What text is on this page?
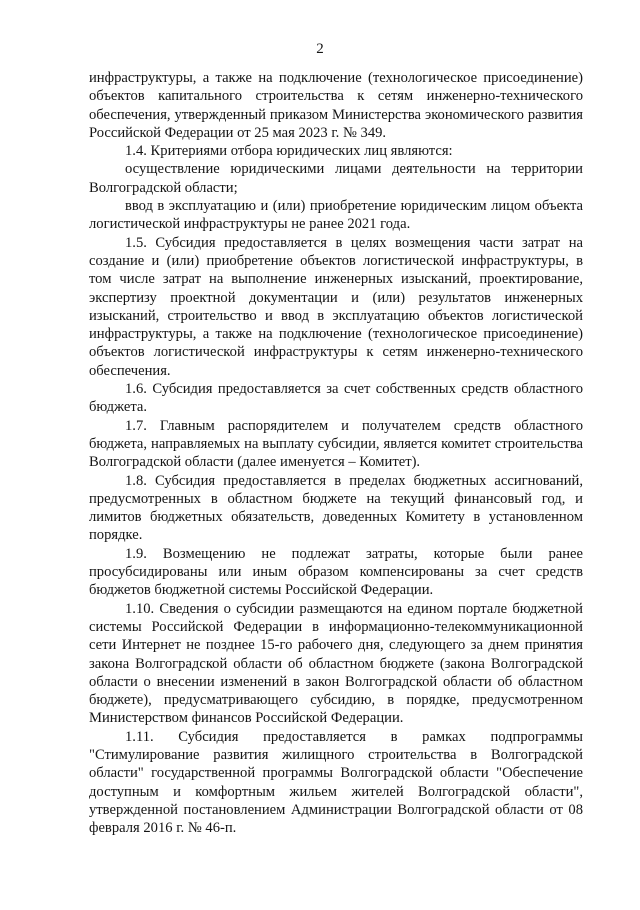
2

инфраструктуры, а также на подключение (технологическое присоединение) объектов капитального строительства к сетям инженерно-технического обеспечения, утвержденный приказом Министерства экономического развития Российской Федерации от 25 мая 2023 г. № 349.

1.4. Критериями отбора юридических лиц являются:

осуществление юридическими лицами деятельности на территории Волгоградской области;

ввод в эксплуатацию и (или) приобретение юридическим лицом объекта логистической инфраструктуры не ранее 2021 года.

1.5. Субсидия предоставляется в целях возмещения части затрат на создание и (или) приобретение объектов логистической инфраструктуры, в том числе затрат на выполнение инженерных изысканий, проектирование, экспертизу проектной документации и (или) результатов инженерных изысканий, строительство и ввод в эксплуатацию объектов логистической инфраструктуры, а также на подключение (технологическое присоединение) объектов логистической инфраструктуры к сетям инженерно-технического обеспечения.

1.6. Субсидия предоставляется за счет собственных средств областного бюджета.

1.7. Главным распорядителем и получателем средств областного бюджета, направляемых на выплату субсидии, является комитет строительства Волгоградской области (далее именуется – Комитет).

1.8. Субсидия предоставляется в пределах бюджетных ассигнований, предусмотренных в областном бюджете на текущий финансовый год, и лимитов бюджетных обязательств, доведенных Комитету в установленном порядке.

1.9. Возмещению не подлежат затраты, которые были ранее просубсидированы или иным образом компенсированы за счет средств бюджетов бюджетной системы Российской Федерации.

1.10. Сведения о субсидии размещаются на едином портале бюджетной системы Российской Федерации в информационно-телекоммуникационной сети Интернет не позднее 15-го рабочего дня, следующего за днем принятия закона Волгоградской области об областном бюджете (закона Волгоградской области о внесении изменений в закон Волгоградской области об областном бюджете), предусматривающего субсидию, в порядке, предусмотренном Министерством финансов Российской Федерации.

1.11. Субсидия предоставляется в рамках подпрограммы "Стимулирование развития жилищного строительства в Волгоградской области" государственной программы Волгоградской области "Обеспечение доступным и комфортным жильем жителей Волгоградской области", утвержденной постановлением Администрации Волгоградской области от 08 февраля 2016 г. № 46-п.
